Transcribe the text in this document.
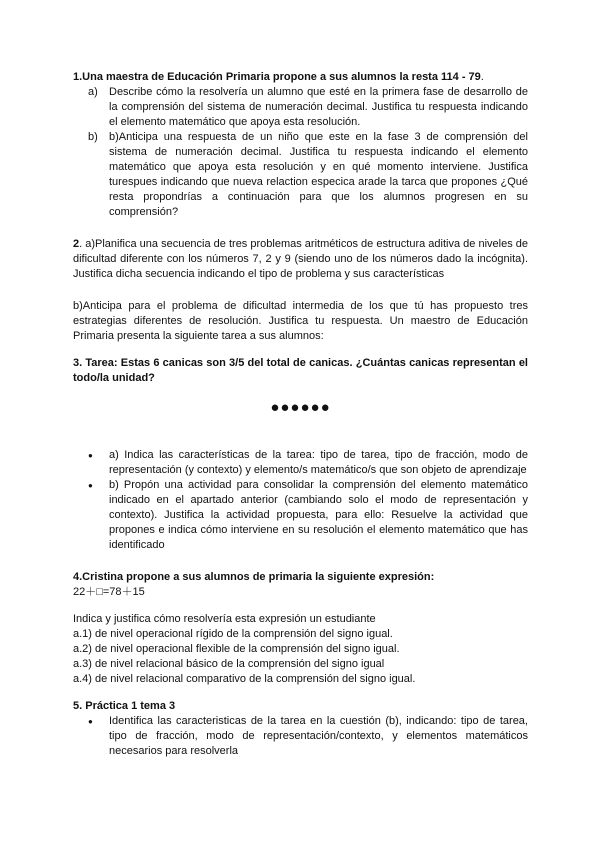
1.Una maestra de Educación Primaria propone a sus alumnos la resta 114 - 79.

a) Describe cómo la resolvería un alumno que esté en la primera fase de desarrollo de la comprensión del sistema de numeración decimal. Justifica tu respuesta indicando el elemento matemático que apoya esta resolución.
b) b)Anticipa una respuesta de un niño que este en la fase 3 de comprensión del sistema de numeración decimal. Justifica tu respuesta indicando el elemento matemático que apoya esta resolución y en qué momento interviene. Justifica turespues indicando que nueva relaction especica arade la tarca que propones ¿Qué resta propondrías a continuación para que los alumnos progresen en su comprensión?

2. a)Planifica una secuencia de tres problemas aritméticos de estructura aditiva de niveles de dificultad diferente con los números 7, 2 y 9 (siendo uno de los números dado la incógnita). Justifica dicha secuencia indicando el tipo de problema y sus características

b)Anticipa para el problema de dificultad intermedia de los que tú has propuesto tres estrategias diferentes de resolución. Justifica tu respuesta. Un maestro de Educación Primaria presenta la siguiente tarea a sus alumnos:

3. Tarea: Estas 6 canicas son 3/5 del total de canicas. ¿Cuántas canicas representan el todo/la unidad?

●●●●●●
● a) Indica las características de la tarea: tipo de tarea, tipo de fracción, modo de representación (y contexto) y elemento/s matemático/s que son objeto de aprendizaje
● b) Propón una actividad para consolidar la comprensión del elemento matemático indicado en el apartado anterior (cambiando solo el modo de representación y contexto). Justifica la actividad propuesta, para ello: Resuelve la actividad que propones e indica cómo interviene en su resolución el elemento matemático que has identificado

4.Cristina propone a sus alumnos de primaria la siguiente expresión:

22＋□=78＋15

Indica y justifica cómo resolvería esta expresión un estudiante

a.1) de nivel operacional rígido de la comprensión del signo igual.

a.2) de nivel operacional flexible de la comprensión del signo igual.

a.3) de nivel relacional básico de la comprensión del signo igual

a.4) de nivel relacional comparativo de la comprensión del signo igual.

5. Práctica 1 tema 3

● Identifica las caracteristicas de la tarea en la cuestión (b), indicando: tipo de tarea, tipo de fracción, modo de representación/contexto, y elementos matemáticos necesarios para resolverla
